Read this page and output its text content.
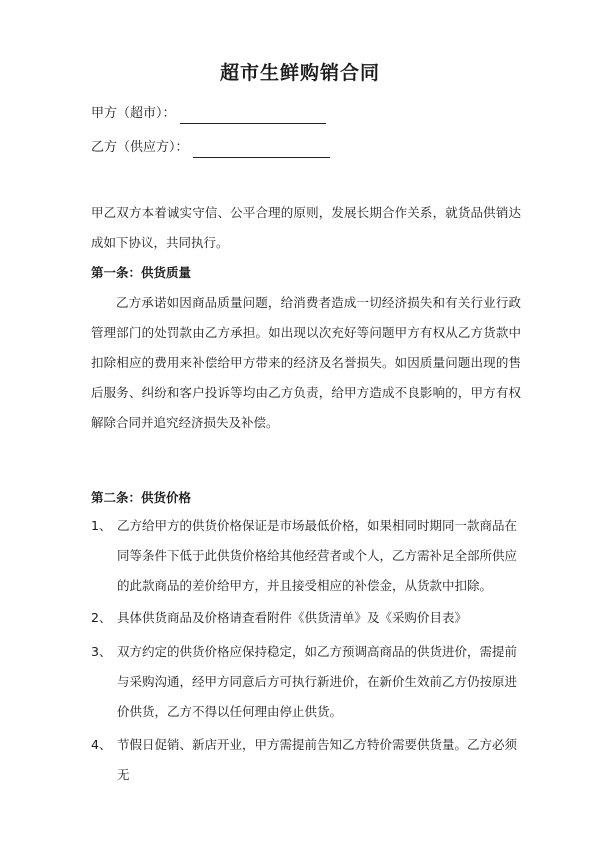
超市生鲜购销合同
甲方（超市）：
乙方（供应方）：
甲乙双方本着诚实守信、公平合理的原则，发展长期合作关系，就货品供销达成如下协议，共同执行。
第一条：供货质量
乙方承诺如因商品质量问题，给消费者造成一切经济损失和有关行业行政管理部门的处罚款由乙方承担。如出现以次充好等问题甲方有权从乙方货款中扣除相应的费用来补偿给甲方带来的经济及名誉损失。如因质量问题出现的售后服务、纠纷和客户投诉等均由乙方负责，给甲方造成不良影响的，甲方有权解除合同并追究经济损失及补偿。
第二条：供货价格
1、 乙方给甲方的供货价格保证是市场最低价格，如果相同时期同一款商品在同等条件下低于此供货价格给其他经营者或个人，乙方需补足全部所供应的此款商品的差价给甲方，并且接受相应的补偿金，从货款中扣除。
2、 具体供货商品及价格请查看附件《供货清单》及《采购价目表》
3、 双方约定的供货价格应保持稳定，如乙方预调高商品的供货进价，需提前与采购沟通，经甲方同意后方可执行新进价，在新价生效前乙方仍按原进价供货，乙方不得以任何理由停止供货。
4、 节假日促销、新店开业，甲方需提前告知乙方特价需要供货量。乙方必须无
